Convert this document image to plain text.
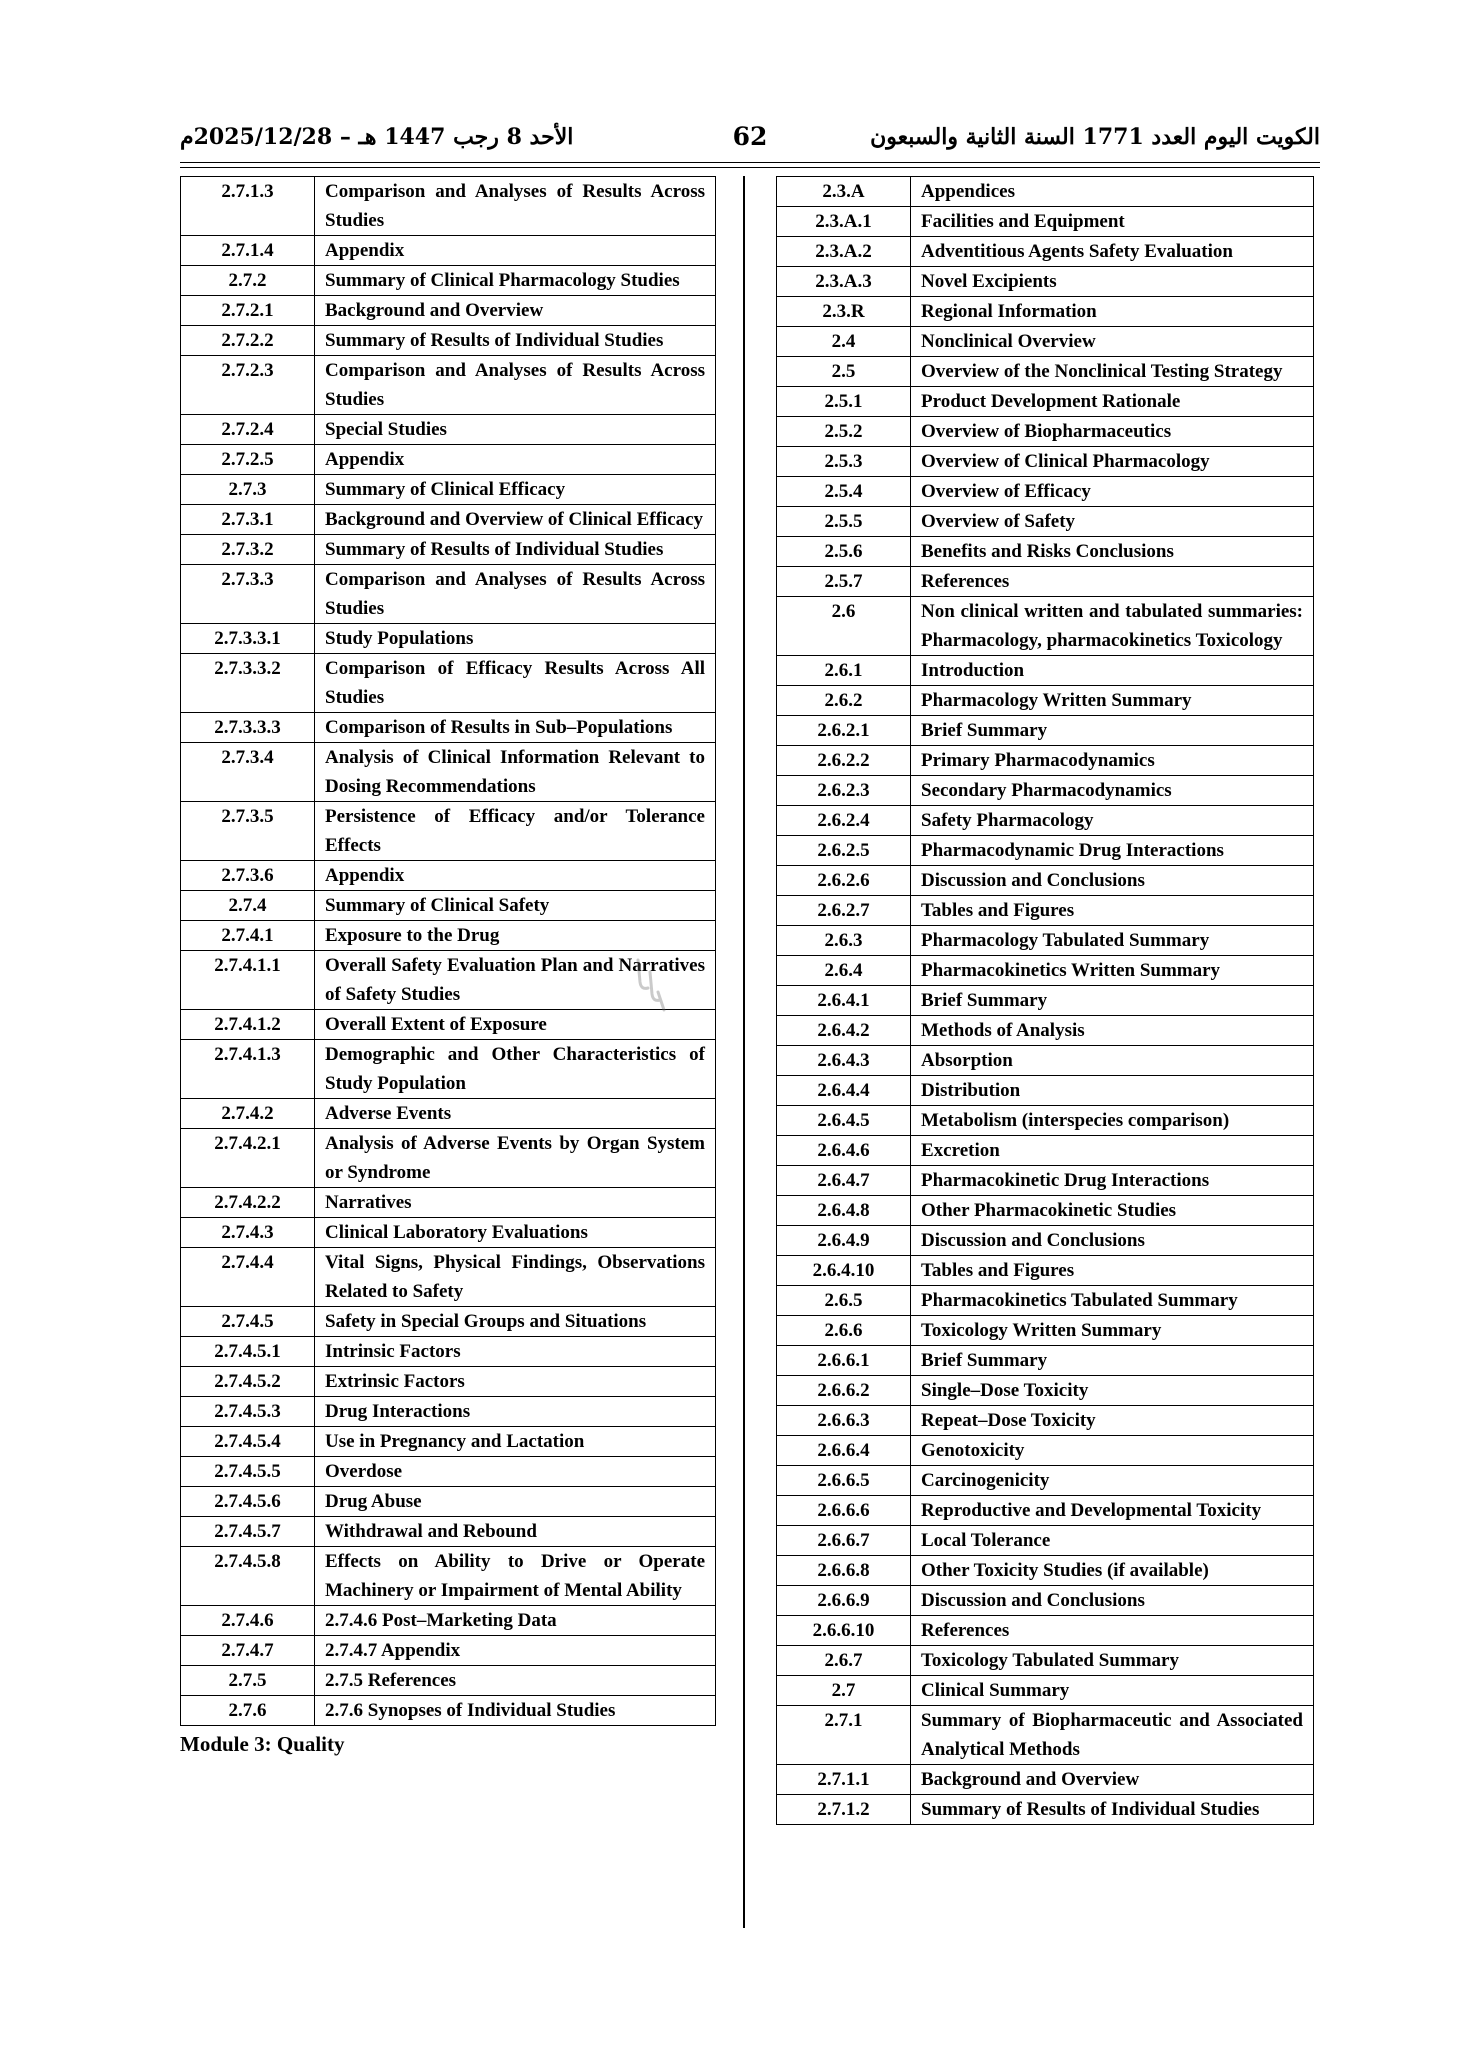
الأحد 8 رجب 1447 هـ – 2025/12/28م	62	الكويت اليوم العدد 1771 السنة الثانية والسبعون
2.7.1.3	Comparison and Analyses of Results Across Studies
2.7.1.4	Appendix
2.7.2	Summary of Clinical Pharmacology Studies
2.7.2.1	Background and Overview
2.7.2.2	Summary of Results of Individual Studies
2.7.2.3	Comparison and Analyses of Results Across Studies
2.7.2.4	Special Studies
2.7.2.5	Appendix
2.7.3	Summary of Clinical Efficacy
2.7.3.1	Background and Overview of Clinical Efficacy
2.7.3.2	Summary of Results of Individual Studies
2.7.3.3	Comparison and Analyses of Results Across Studies
2.7.3.3.1	Study Populations
2.7.3.3.2	Comparison of Efficacy Results Across All Studies
2.7.3.3.3	Comparison of Results in Sub–Populations
2.7.3.4	Analysis of Clinical Information Relevant to Dosing Recommendations
2.7.3.5	Persistence of Efficacy and/or Tolerance Effects
2.7.3.6	Appendix
2.7.4	Summary of Clinical Safety
2.7.4.1	Exposure to the Drug
2.7.4.1.1	Overall Safety Evaluation Plan and Narratives of Safety Studies
2.7.4.1.2	Overall Extent of Exposure
2.7.4.1.3	Demographic and Other Characteristics of Study Population
2.7.4.2	Adverse Events
2.7.4.2.1	Analysis of Adverse Events by Organ System or Syndrome
2.7.4.2.2	Narratives
2.7.4.3	Clinical Laboratory Evaluations
2.7.4.4	Vital Signs, Physical Findings, Observations Related to Safety
2.7.4.5	Safety in Special Groups and Situations
2.7.4.5.1	Intrinsic Factors
2.7.4.5.2	Extrinsic Factors
2.7.4.5.3	Drug Interactions
2.7.4.5.4	Use in Pregnancy and Lactation
2.7.4.5.5	Overdose
2.7.4.5.6	Drug Abuse
2.7.4.5.7	Withdrawal and Rebound
2.7.4.5.8	Effects on Ability to Drive or Operate Machinery or Impairment of Mental Ability
2.7.4.6	2.7.4.6 Post–Marketing Data
2.7.4.7	2.7.4.7 Appendix
2.7.5	2.7.5 References
2.7.6	2.7.6 Synopses of Individual Studies
2.3.A	Appendices
2.3.A.1	Facilities and Equipment
2.3.A.2	Adventitious Agents Safety Evaluation
2.3.A.3	Novel Excipients
2.3.R	Regional Information
2.4	Nonclinical Overview
2.5	Overview of the Nonclinical Testing Strategy
2.5.1	Product Development Rationale
2.5.2	Overview of Biopharmaceutics
2.5.3	Overview of Clinical Pharmacology
2.5.4	Overview of Efficacy
2.5.5	Overview of Safety
2.5.6	Benefits and Risks Conclusions
2.5.7	References
2.6	Non clinical written and tabulated summaries: Pharmacology, pharmacokinetics Toxicology
2.6.1	Introduction
2.6.2	Pharmacology Written Summary
2.6.2.1	Brief Summary
2.6.2.2	Primary Pharmacodynamics
2.6.2.3	Secondary Pharmacodynamics
2.6.2.4	Safety Pharmacology
2.6.2.5	Pharmacodynamic Drug Interactions
2.6.2.6	Discussion and Conclusions
2.6.2.7	Tables and Figures
2.6.3	Pharmacology Tabulated Summary
2.6.4	Pharmacokinetics Written Summary
2.6.4.1	Brief Summary
2.6.4.2	Methods of Analysis
2.6.4.3	Absorption
2.6.4.4	Distribution
2.6.4.5	Metabolism (interspecies comparison)
2.6.4.6	Excretion
2.6.4.7	Pharmacokinetic Drug Interactions
2.6.4.8	Other Pharmacokinetic Studies
2.6.4.9	Discussion and Conclusions
2.6.4.10	Tables and Figures
2.6.5	Pharmacokinetics Tabulated Summary
2.6.6	Toxicology Written Summary
2.6.6.1	Brief Summary
2.6.6.2	Single–Dose Toxicity
2.6.6.3	Repeat–Dose Toxicity
2.6.6.4	Genotoxicity
2.6.6.5	Carcinogenicity
2.6.6.6	Reproductive and Developmental Toxicity
2.6.6.7	Local Tolerance
2.6.6.8	Other Toxicity Studies (if available)
2.6.6.9	Discussion and Conclusions
2.6.6.10	References
2.6.7	Toxicology Tabulated Summary
2.7	Clinical Summary
2.7.1	Summary of Biopharmaceutic and Associated Analytical Methods
2.7.1.1	Background and Overview
2.7.1.2	Summary of Results of Individual Studies
Module 3: Quality
